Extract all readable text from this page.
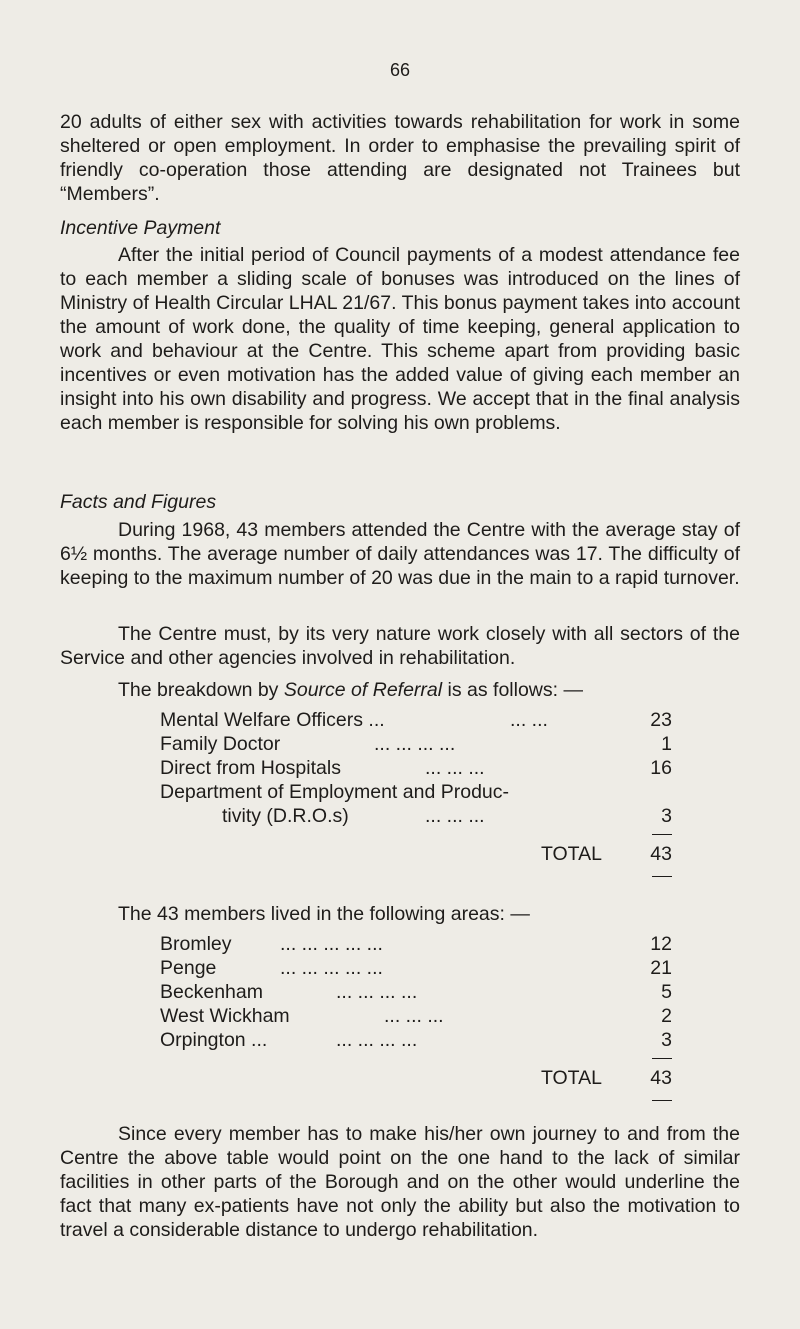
66
20 adults of either sex with activities towards rehabilitation for work in some sheltered or open employment. In order to emphasise the prevailing spirit of friendly co-operation those attending are designated not Trainees but “Members”.
Incentive Payment
After the initial period of Council payments of a modest attendance fee to each member a sliding scale of bonuses was introduced on the lines of Ministry of Health Circular LHAL 21/67. This bonus payment takes into account the amount of work done, the quality of time keeping, general application to work and behaviour at the Centre. This scheme apart from providing basic incentives or even motivation has the added value of giving each member an insight into his own disability and progress. We accept that in the final analysis each member is responsible for solving his own problems.
Facts and Figures
During 1968, 43 members attended the Centre with the average stay of 6½ months. The average number of daily attendances was 17. The difficulty of keeping to the maximum number of 20 was due in the main to a rapid turnover.
The Centre must, by its very nature work closely with all sectors of the Service and other agencies involved in rehabilitation.
The breakdown by Source of Referral is as follows: —
Mental Welfare Officers ...	... ...	23
Family Doctor	... ... ... ...	1
Direct from Hospitals	... ... ...	16
Department of Employment and Produc-
tivity (D.R.O.s)	... ... ...	3
TOTAL 43
The 43 members lived in the following areas: —
Bromley ... ... ... ... ...	12
Penge	... ... ... ... ...	21
Beckenham	... ... ... ...	5
West Wickham	... ... ...	2
Orpington ...	... ... ... ...	3
TOTAL 43
Since every member has to make his/her own journey to and from the Centre the above table would point on the one hand to the lack of similar facilities in other parts of the Borough and on the other would underline the fact that many ex-patients have not only the ability but also the motivation to travel a considerable distance to undergo rehabilitation.
